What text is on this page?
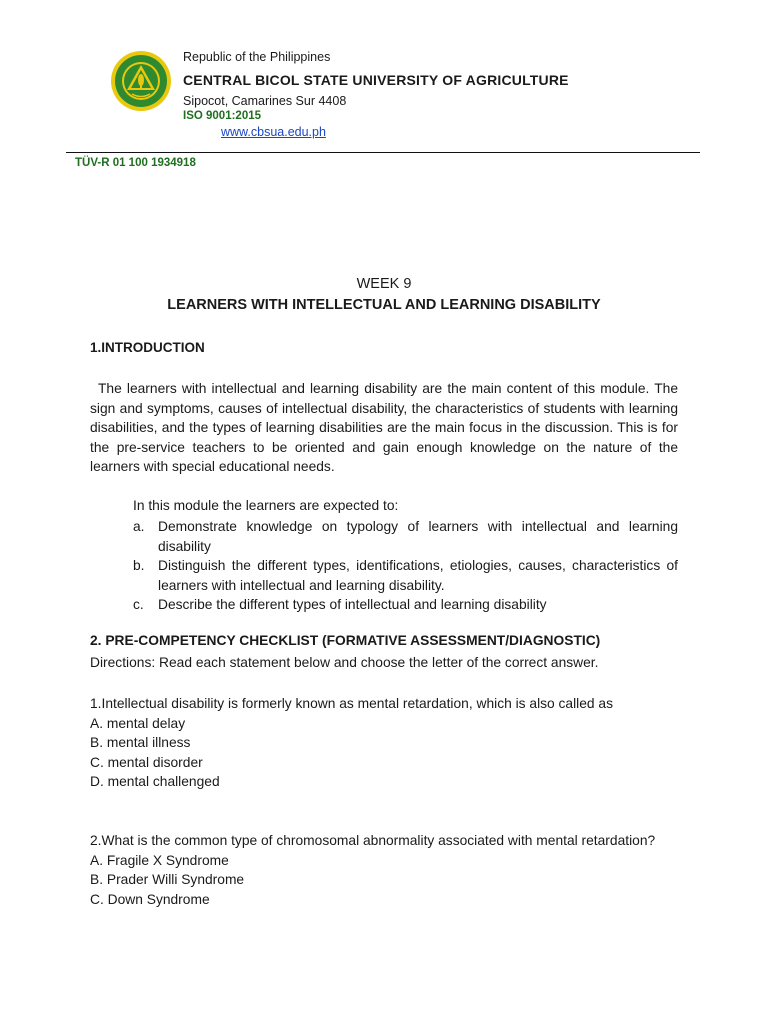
Republic of the Philippines
CENTRAL BICOL STATE UNIVERSITY OF AGRICULTURE
Sipocot, Camarines Sur 4408
ISO 9001:2015
www.cbsua.edu.ph
TÜV-R 01 100 1934918
WEEK 9
LEARNERS WITH INTELLECTUAL AND LEARNING DISABILITY
1.INTRODUCTION

The learners with intellectual and learning disability are the main content of this module. The sign and symptoms, causes of intellectual disability, the characteristics of students with learning disabilities, and the types of learning disabilities are the main focus in the discussion. This is for the pre-service teachers to be oriented and gain enough knowledge on the nature of the learners with special educational needs.

In this module the learners are expected to:
a. Demonstrate knowledge on typology of learners with intellectual and learning disability
b. Distinguish the different types, identifications, etiologies, causes, characteristics of learners with intellectual and learning disability.
c. Describe the different types of intellectual and learning disability
2. PRE-COMPETENCY CHECKLIST (FORMATIVE ASSESSMENT/DIAGNOSTIC)
Directions: Read each statement below and choose the letter of the correct answer.
1.Intellectual disability is formerly known as mental retardation, which is also called as
A. mental delay
B. mental illness
C. mental disorder
D. mental challenged
2.What is the common type of chromosomal abnormality associated with mental retardation?
A. Fragile X Syndrome
B. Prader Willi Syndrome
C. Down Syndrome
